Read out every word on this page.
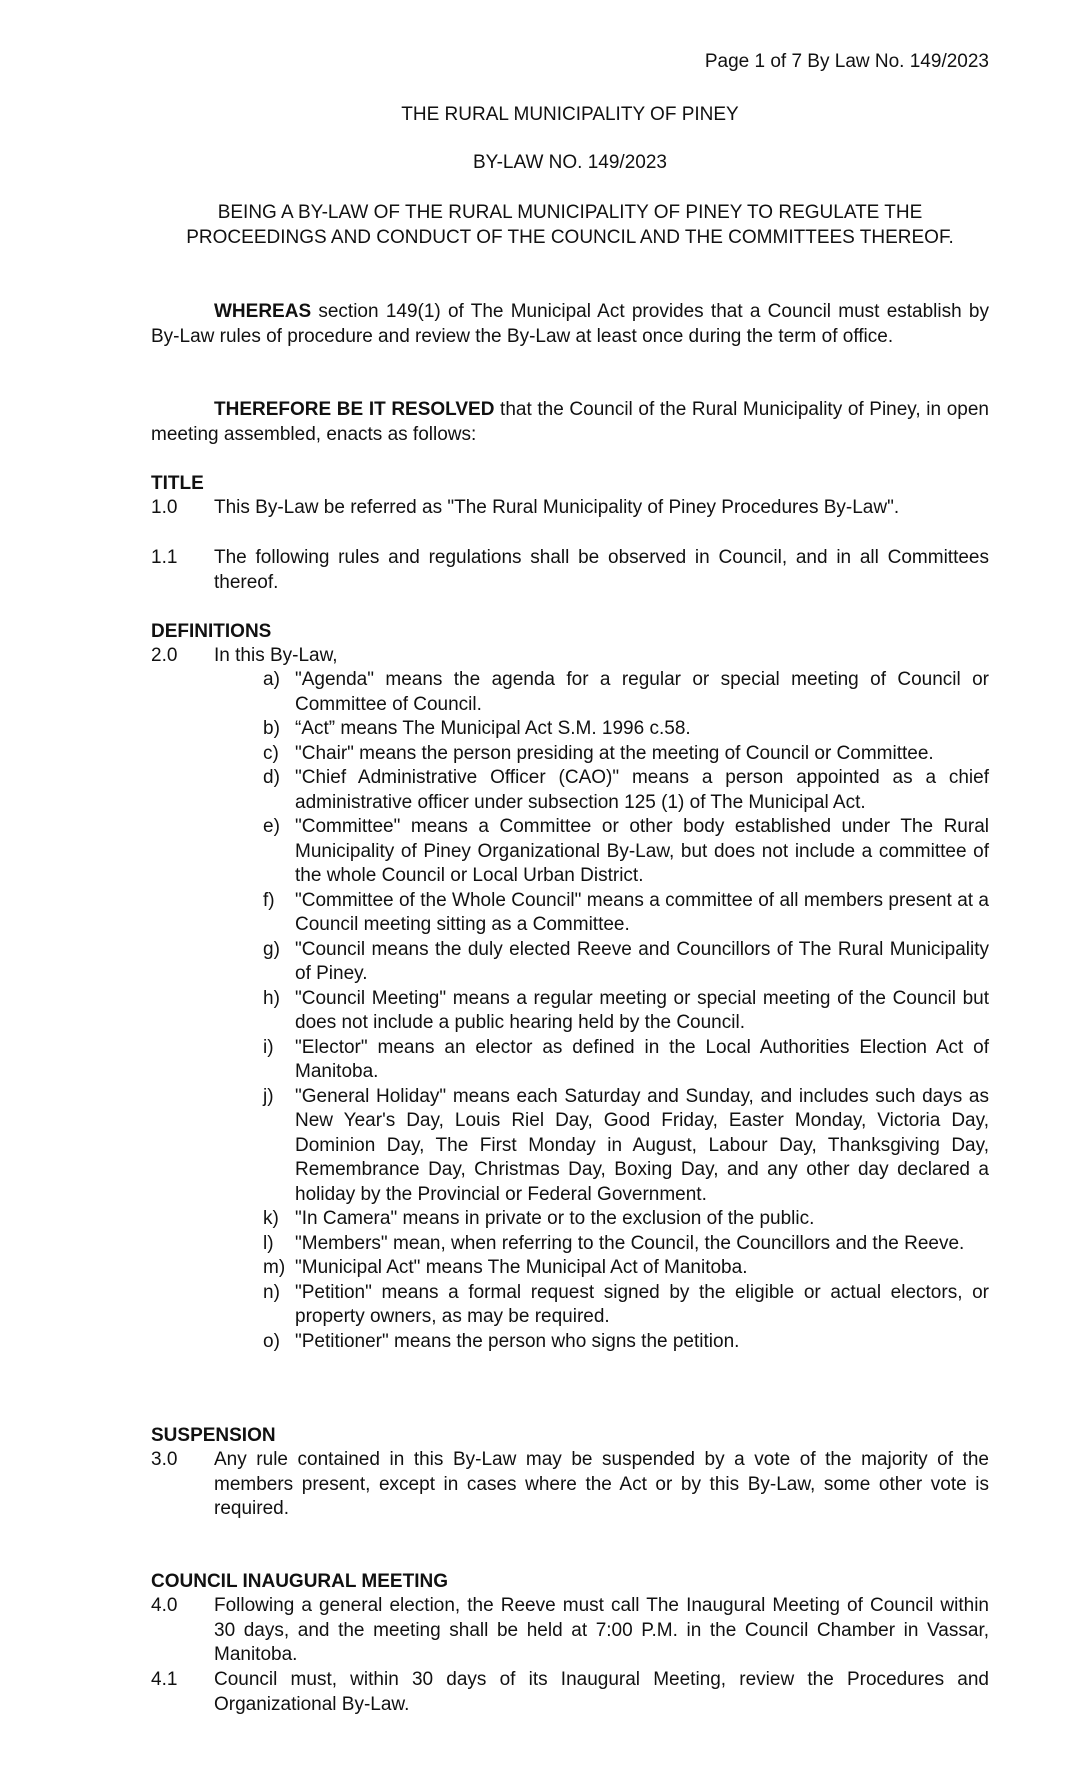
Page 1 of 7 By Law No. 149/2023
THE RURAL MUNICIPALITY OF PINEY
BY-LAW NO. 149/2023
BEING A BY-LAW OF THE RURAL MUNICIPALITY OF PINEY TO REGULATE THE PROCEEDINGS AND CONDUCT OF THE COUNCIL AND THE COMMITTEES THEREOF.

WHEREAS section 149(1) of The Municipal Act provides that a Council must establish by By-Law rules of procedure and review the By-Law at least once during the term of office.

THEREFORE BE IT RESOLVED that the Council of the Rural Municipality of Piney, in open meeting assembled, enacts as follows:

TITLE
1.0 This By-Law be referred as "The Rural Municipality of Piney Procedures By-Law".
1.1 The following rules and regulations shall be observed in Council, and in all Committees thereof.
DEFINITIONS
2.0 In this By-Law,
a) "Agenda" means the agenda for a regular or special meeting of Council or Committee of Council.
b) “Act” means The Municipal Act S.M. 1996 c.58.
c) "Chair" means the person presiding at the meeting of Council or Committee.
d) "Chief Administrative Officer (CAO)" means a person appointed as a chief administrative officer under subsection 125 (1) of The Municipal Act.
e) "Committee" means a Committee or other body established under The Rural Municipality of Piney Organizational By-Law, but does not include a committee of the whole Council or Local Urban District.
f) "Committee of the Whole Council" means a committee of all members present at a Council meeting sitting as a Committee.
g) "Council means the duly elected Reeve and Councillors of The Rural Municipality of Piney.
h) "Council Meeting" means a regular meeting or special meeting of the Council but does not include a public hearing held by the Council.
i) "Elector" means an elector as defined in the Local Authorities Election Act of Manitoba.
j) "General Holiday" means each Saturday and Sunday, and includes such days as New Year's Day, Louis Riel Day, Good Friday, Easter Monday, Victoria Day, Dominion Day, The First Monday in August, Labour Day, Thanksgiving Day, Remembrance Day, Christmas Day, Boxing Day, and any other day declared a holiday by the Provincial or Federal Government.
k) "In Camera" means in private or to the exclusion of the public.
l) "Members" mean, when referring to the Council, the Councillors and the Reeve.
m) "Municipal Act" means The Municipal Act of Manitoba.
n) "Petition" means a formal request signed by the eligible or actual electors, or property owners, as may be required.
o) "Petitioner" means the person who signs the petition.
SUSPENSION
3.0 Any rule contained in this By-Law may be suspended by a vote of the majority of the members present, except in cases where the Act or by this By-Law, some other vote is required.
COUNCIL INAUGURAL MEETING
4.0 Following a general election, the Reeve must call The Inaugural Meeting of Council within 30 days, and the meeting shall be held at 7:00 P.M. in the Council Chamber in Vassar, Manitoba.
4.1 Council must, within 30 days of its Inaugural Meeting, review the Procedures and Organizational By-Law.
